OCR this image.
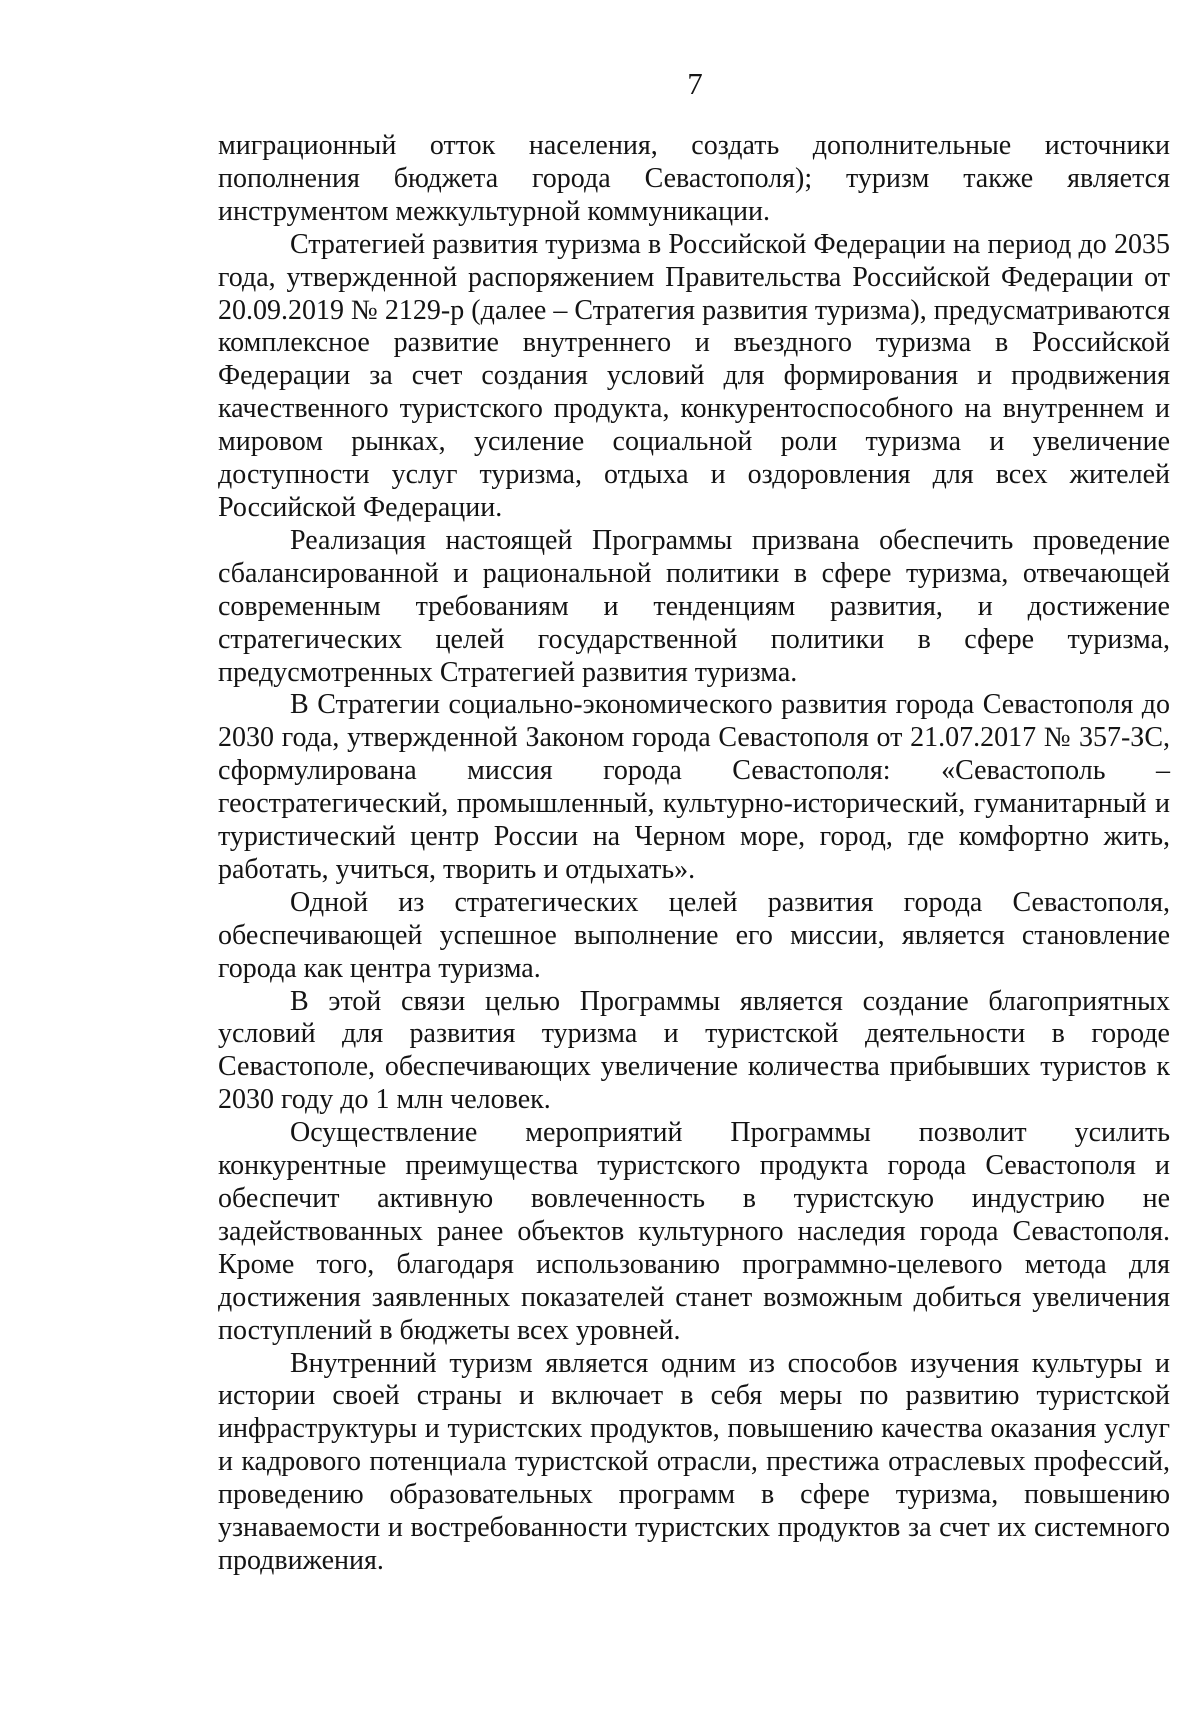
7

миграционный отток населения, создать дополнительные источники пополнения бюджета города Севастополя); туризм также является инструментом межкультурной коммуникации.

Стратегией развития туризма в Российской Федерации на период до 2035 года, утвержденной распоряжением Правительства Российской Федерации от 20.09.2019 № 2129-р (далее – Стратегия развития туризма), предусматриваются комплексное развитие внутреннего и въездного туризма в Российской Федерации за счет создания условий для формирования и продвижения качественного туристского продукта, конкурентоспособного на внутреннем и мировом рынках, усиление социальной роли туризма и увеличение доступности услуг туризма, отдыха и оздоровления для всех жителей Российской Федерации.

Реализация настоящей Программы призвана обеспечить проведение сбалансированной и рациональной политики в сфере туризма, отвечающей современным требованиям и тенденциям развития, и достижение стратегических целей государственной политики в сфере туризма, предусмотренных Стратегией развития туризма.

В Стратегии социально-экономического развития города Севастополя до 2030 года, утвержденной Законом города Севастополя от 21.07.2017 № 357-ЗС, сформулирована миссия города Севастополя: «Севастополь – геостратегический, промышленный, культурно-исторический, гуманитарный и туристический центр России на Черном море, город, где комфортно жить, работать, учиться, творить и отдыхать».

Одной из стратегических целей развития города Севастополя, обеспечивающей успешное выполнение его миссии, является становление города как центра туризма.

В этой связи целью Программы является создание благоприятных условий для развития туризма и туристской деятельности в городе Севастополе, обеспечивающих увеличение количества прибывших туристов к 2030 году до 1 млн человек.

Осуществление мероприятий Программы позволит усилить конкурентные преимущества туристского продукта города Севастополя и обеспечит активную вовлеченность в туристскую индустрию не задействованных ранее объектов культурного наследия города Севастополя. Кроме того, благодаря использованию программно-целевого метода для достижения заявленных показателей станет возможным добиться увеличения поступлений в бюджеты всех уровней.

Внутренний туризм является одним из способов изучения культуры и истории своей страны и включает в себя меры по развитию туристской инфраструктуры и туристских продуктов, повышению качества оказания услуг и кадрового потенциала туристской отрасли, престижа отраслевых профессий, проведению образовательных программ в сфере туризма, повышению узнаваемости и востребованности туристских продуктов за счет их системного продвижения.
